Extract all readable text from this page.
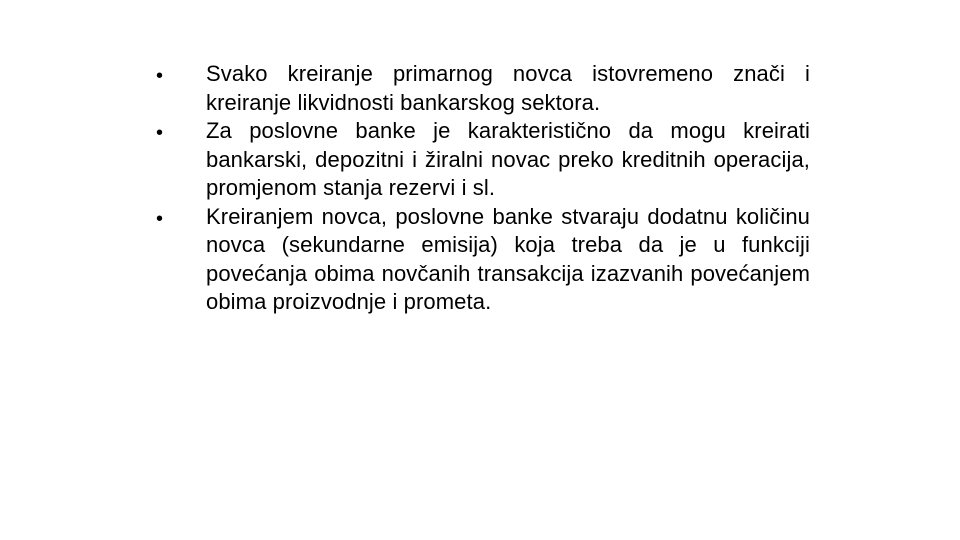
•	Svako kreiranje primarnog novca istovremeno znači i kreiranje likvidnosti bankarskog sektora.
•	Za poslovne banke je karakteristično da mogu kreirati bankarski, depozitni i žiralni novac preko kreditnih operacija, promjenom stanja rezervi i sl.
•	Kreiranjem novca, poslovne banke stvaraju dodatnu količinu novca (sekundarne emisija) koja treba da je u funkciji povećanja obima novčanih transakcija izazvanih povećanjem obima proizvodnje i prometa.
